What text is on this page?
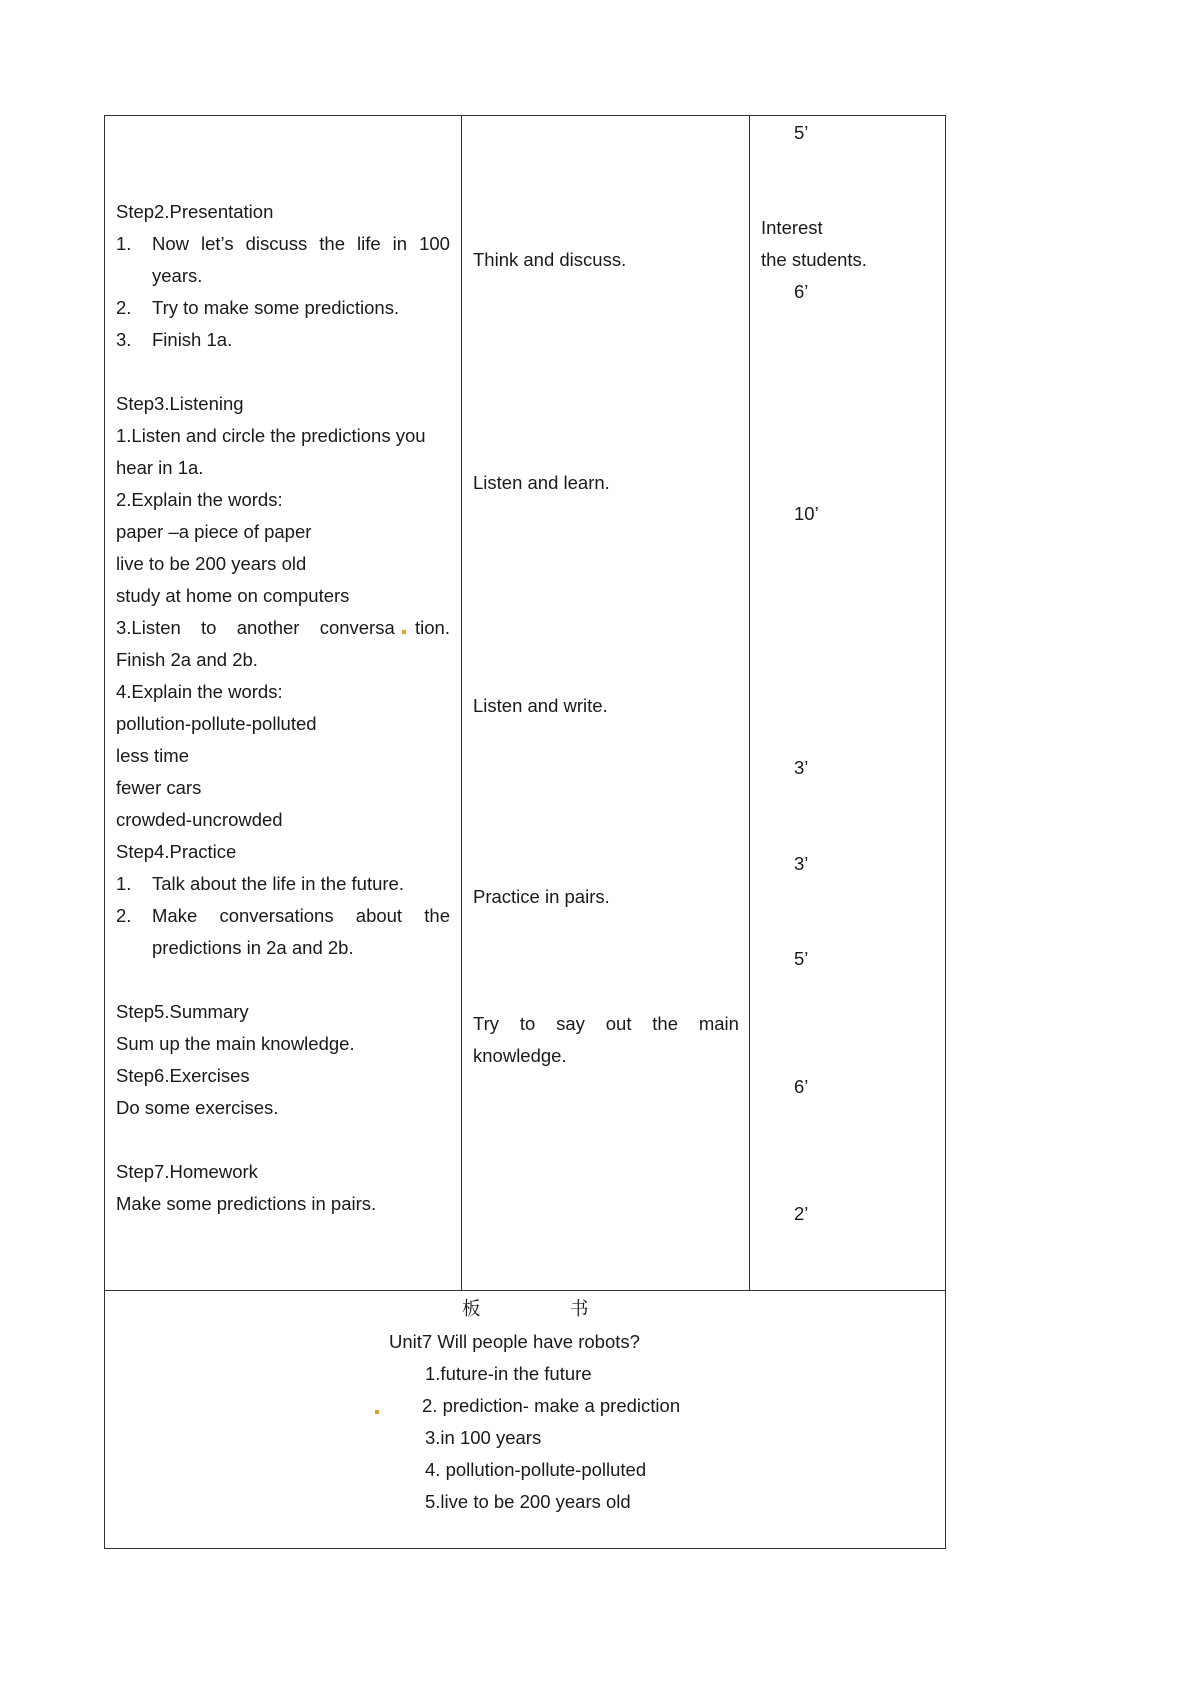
Step2.Presentation
1. Now let’s discuss the life in 100
years.
2. Try to make some predictions.
3. Finish 1a.
Step3.Listening
1.Listen and circle the predictions you
hear in 1a.
2.Explain the words:
paper –a piece of paper
live to be 200 years old
study at home on computers
3.Listen to another conversa tion.
Finish 2a and 2b.
4.Explain the words:
pollution-pollute-polluted
less time
fewer cars
crowded-uncrowded
Step4.Practice
1. Talk about the life in the future.
2. Make conversations about the
predictions in 2a and 2b.
Step5.Summary
Sum up the main knowledge.
Step6.Exercises
Do some exercises.
Step7.Homework
Make some predictions in pairs.
Think and discuss.
Listen and learn.
Listen and write.
Practice in pairs.
Try to say out the main
knowledge.
5’
Interest
the students.
6’
10’
3’
3’
5’
6’
2’
板	书
Unit7 Will people have robots?
1.future-in the future
2. prediction- make a prediction
3.in 100 years
4. pollution-pollute-polluted
5.live to be 200 years old
